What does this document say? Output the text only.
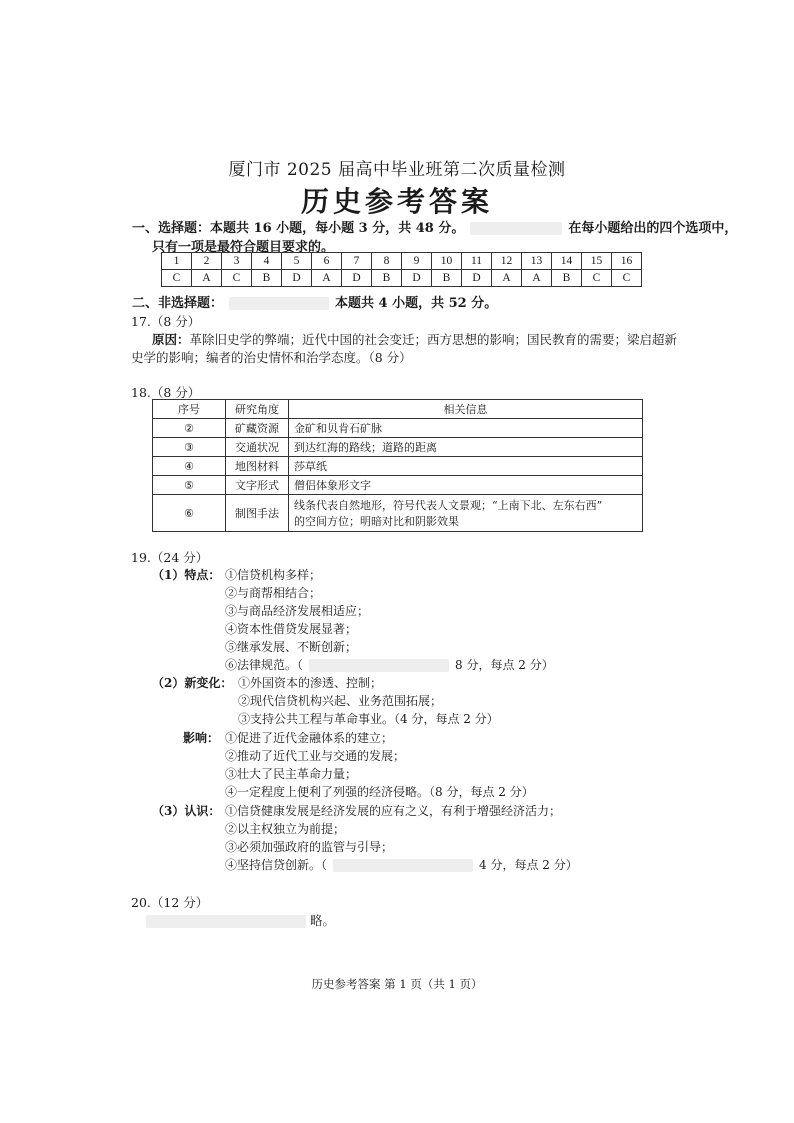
厦门市 2025 届高中毕业班第二次质量检测
历史参考答案
一、选择题：本题共 16 小题，每小题 3 分，共 48 分。	在每小题给出的四个选项中，
只有一项是最符合题目要求的。
1	2	3	4	5	6	7	8	9	10	11	12	13	14	15	16
C	A	C	B	D	A	D	B	D	B	D	A	A	B	C	C
二、非选择题：	本题共 4 小题，共 52 分。
17.（8 分）
原因：革除旧史学的弊端；近代中国的社会变迁；西方思想的影响；国民教育的需要；梁启超新
史学的影响；编者的治史情怀和治学态度。（8 分）
18.（8 分）
序号	研究角度	相关信息
②	矿藏资源	金矿和贝肯石矿脉
③	交通状况	到达红海的路线；道路的距离
④	地图材料	莎草纸
⑤	文字形式	僧侣体象形文字
⑥	制图手法	线条代表自然地形，符号代表人文景观；“上南下北、左东右西”
的空间方位；明暗对比和阴影效果
19.（24 分）
（1）特点： ①信贷机构多样；
②与商帮相结合；
③与商品经济发展相适应；
④资本性借贷发展显著；
⑤继承发展、不断创新；
⑥法律规范。（	8 分，每点 2 分）
（2）新变化： ①外国资本的渗透、控制；
②现代信贷机构兴起、业务范围拓展；
③支持公共工程与革命事业。（4 分，每点 2 分）
影响： ①促进了近代金融体系的建立；
②推动了近代工业与交通的发展；
③壮大了民主革命力量；
④一定程度上便利了列强的经济侵略。（8 分，每点 2 分）
（3）认识： ①信贷健康发展是经济发展的应有之义，有利于增强经济活力；
②以主权独立为前提；
③必须加强政府的监管与引导；
④坚持信贷创新。（	4 分，每点 2 分）
20.（12 分）
略。
历史参考答案 第 1 页（共 1 页）
